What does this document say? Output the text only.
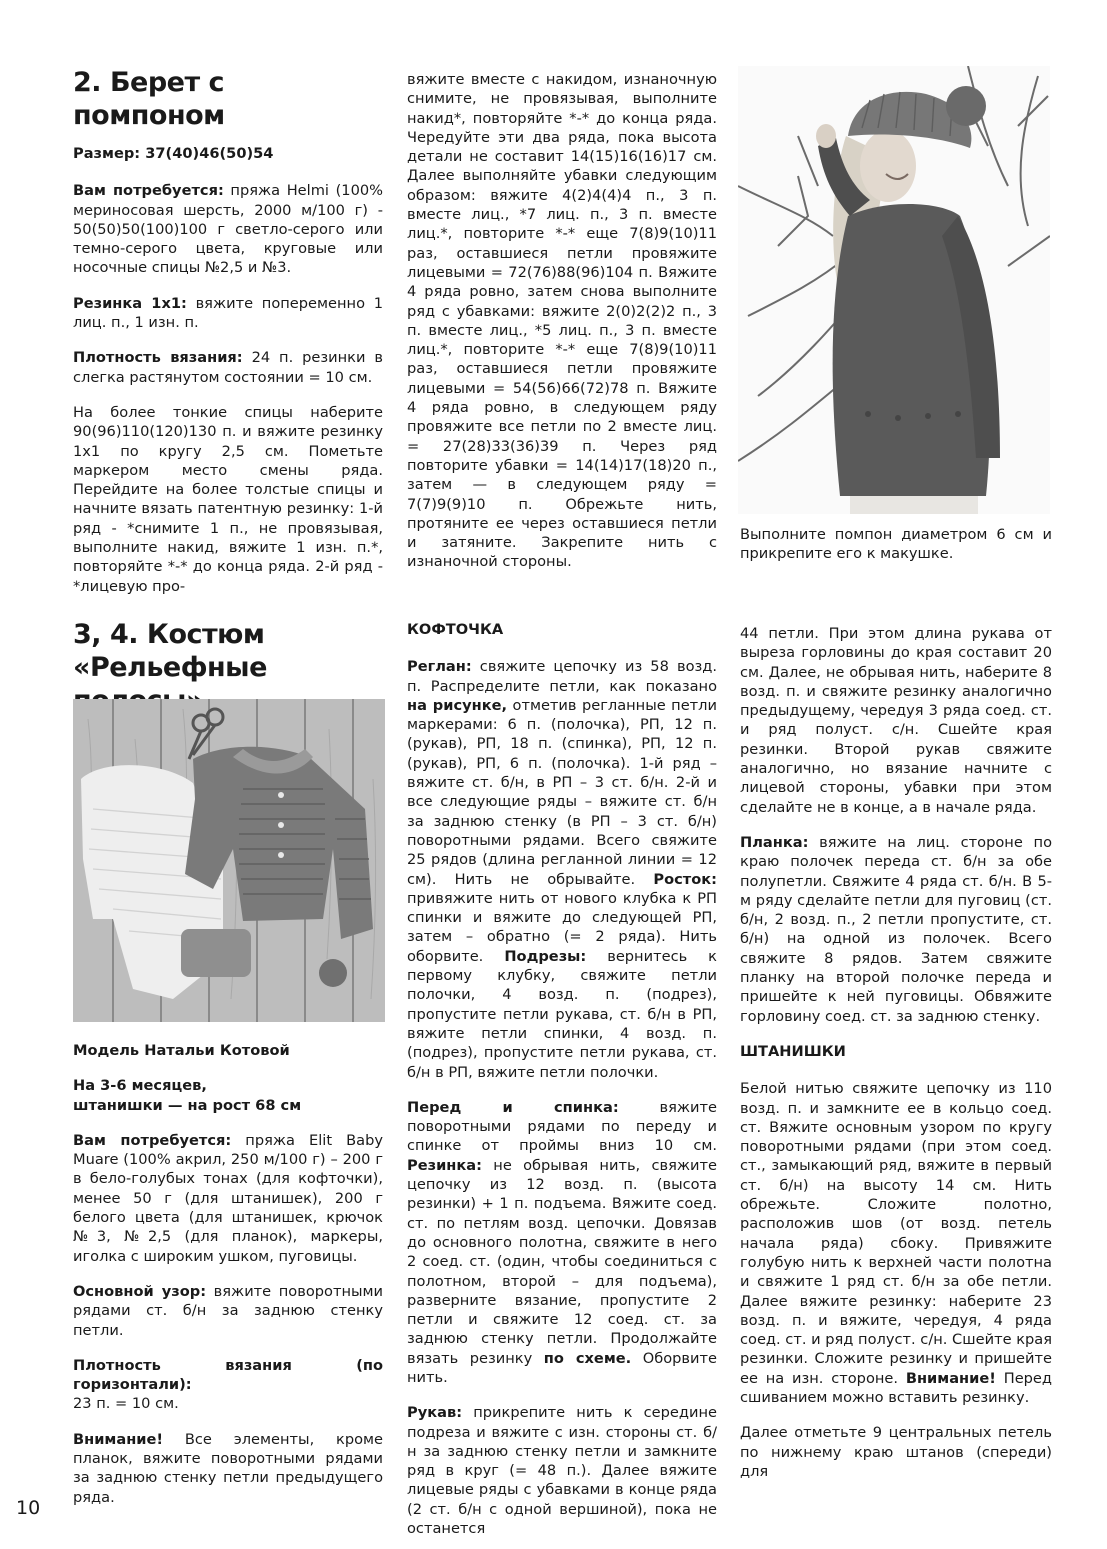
2. Берет с помпоном

Размер: 37(40)46(50)54

Вам потребуется: пряжа Helmi (100% мериносовая шерсть, 2000 м/100 г) - 50(50)50(100)100 г светло-серого или темно-серого цвета, круговые или носочные спицы №2,5 и №3.

Резинка 1х1: вяжите попеременно 1 лиц. п., 1 изн. п.

Плотность вязания: 24 п. резинки в слегка растянутом состоянии = 10 см.

На более тонкие спицы наберите 90(96)110(120)130 п. и вяжите резинку 1х1 по кругу 2,5 см. Пометьте маркером место смены ряда. Перейдите на более толстые спицы и начните вязать патентную резинку: 1-й ряд - *снимите 1 п., не провязывая, выполните накид, вяжите 1 изн. п.*, повторяйте *-* до конца ряда. 2-й ряд - *лицевую про-

вяжите вместе с накидом, изнаночную снимите, не провязывая, выполните накид*, повторяйте *-* до конца ряда. Чередуйте эти два ряда, пока высота детали не составит 14(15)16(16)17 см. Далее выполняйте убавки следующим образом: вяжите 4(2)4(4)4 п., 3 п. вместе лиц., *7 лиц. п., 3 п. вместе лиц.*, повторите *-* еще 7(8)9(10)11 раз, оставшиеся петли провяжите лицевыми = 72(76)88(96)104 п. Вяжите 4 ряда ровно, затем снова выполните ряд с убавками: вяжите 2(0)2(2)2 п., 3 п. вместе лиц., *5 лиц. п., 3 п. вместе лиц.*, повторите *-* еще 7(8)9(10)11 раз, оставшиеся петли провяжите лицевыми = 54(56)66(72)78 п. Вяжите 4 ряда ровно, в следующем ряду провяжите все петли по 2 вместе лиц. = 27(28)33(36)39 п. Через ряд повторите убавки = 14(14)17(18)20 п., затем — в следующем ряду = 7(7)9(9)10 п. Обрежьте нить, протяните ее через оставшиеся петли и затяните. Закрепите нить с изнаночной стороны.

Выполните помпон диаметром 6 см и прикрепите его к макушке.

3, 4. Костюм
«Рельефные

Модель Натальи Котовой

На 3-6 месяцев,
штанишки — на рост 68 см

Вам потребуется: пряжа Elit Baby Muare (100% акрил, 250 м/100 г) – 200 г в бело-голубых тонах (для кофточки), менее 50 г (для штанишек), 200 г белого цвета (для штанишек, крючок №3, №2,5 (для планок), маркеры, иголка с широким ушком, пуговицы.

Основной узор: вяжите поворотными рядами ст. б/н за заднюю стенку петли.

Плотность вязания (по горизонтали):
23 п. = 10 см.

Внимание! Все элементы, кроме планок, вяжите поворотными рядами за заднюю стенку петли предыдущего ряда.

КОФТОЧКА

Реглан: свяжите цепочку из 58 возд. п. Распределите петли, как показано на рисунке, отметив регланные петли маркерами: 6 п. (полочка), РП, 12 п. (рукав), РП, 18 п. (спинка), РП, 12 п. (рукав), РП, 6 п. (полочка). 1-й ряд – вяжите ст. б/н, в РП – 3 ст. б/н. 2-й и все следующие ряды – вяжите ст. б/н за заднюю стенку (в РП – 3 ст. б/н) поворотными рядами. Всего свяжите 25 рядов (длина регланной линии = 12 см). Нить не обрывайте. Росток: привяжите нить от нового клубка к РП спинки и вяжите до следующей РП, затем – обратно (= 2 ряда). Нить оборвите. Подрезы: вернитесь к первому клубку, свяжите петли полочки, 4 возд. п. (подрез), пропустите петли рукава, ст. б/н в РП, вяжите петли спинки, 4 возд. п. (подрез), пропустите петли рукава, ст. б/н в РП, вяжите петли полочки.

Перед и спинка:	вяжите поворотными рядами по переду и спинке от проймы вниз 10 см. Резинка: не обрывая нить, свяжите цепочку из 12 возд. п. (высота резинки) + 1 п. подъема. Вяжите соед. ст. по петлям возд. цепочки. Довязав до основного полотна, свяжите в него 2 соед. ст. (один, чтобы соединиться с полотном, второй – для подъема), разверните вязание, пропустите 2 петли и свяжите 12 соед. ст. за заднюю стенку петли. Продолжайте вязать резинку по схеме. Оборвите нить.

Рукав: прикрепите нить к середине подреза и вяжите с изн. стороны ст. б/н за заднюю стенку петли и замкните ряд в круг (= 48 п.). Далее вяжите лицевые ряды с убавками в конце ряда (2 ст. б/н с одной вершиной), пока не останется

44 петли. При этом длина рукава от выреза горловины до края составит 20 см. Далее, не обрывая нить, наберите 8 возд. п. и свяжите резинку аналогично предыдущему, чередуя 3 ряда соед. ст. и ряд полуст. с/н. Сшейте края резинки. Второй рукав свяжите аналогично, но вязание начните с лицевой стороны, убавки при этом сделайте не в конце, а в начале ряда.

Планка: вяжите на лиц. стороне по краю полочек переда ст. б/н за обе полупетли. Свяжите 4 ряда ст. б/н. В 5-м ряду сделайте петли для пуговиц (ст. б/н, 2 возд. п., 2 петли пропустите, ст. б/н) на одной из полочек. Всего свяжите 8 рядов. Затем свяжите планку на второй полочке переда и пришейте к ней пуговицы. Обвяжите горловину соед. ст. за заднюю стенку.

ШТАНИШКИ

Белой нитью свяжите цепочку из 110 возд. п. и замкните ее в кольцо соед. ст. Вяжите основным узором по кругу поворотными рядами (при этом соед. ст., замыкающий ряд, вяжите в первый ст. б/н) на высоту 14 см. Нить обрежьте. Сложите полотно, расположив шов (от возд. петель начала ряда) сбоку. Привяжите голубую нить к верхней части полотна и свяжите 1 ряд ст. б/н за обе петли. Далее вяжите резинку: наберите 23 возд. п. и вяжите, чередуя, 4 ряда соед. ст. и ряд полуст. с/н. Сшейте края резинки. Сложите резинку и пришейте ее на изн. стороне. Внимание! Перед сшиванием можно вставить резинку.

Далее отметьте 9 центральных петель по нижнему краю штанов (спереди) для

10
